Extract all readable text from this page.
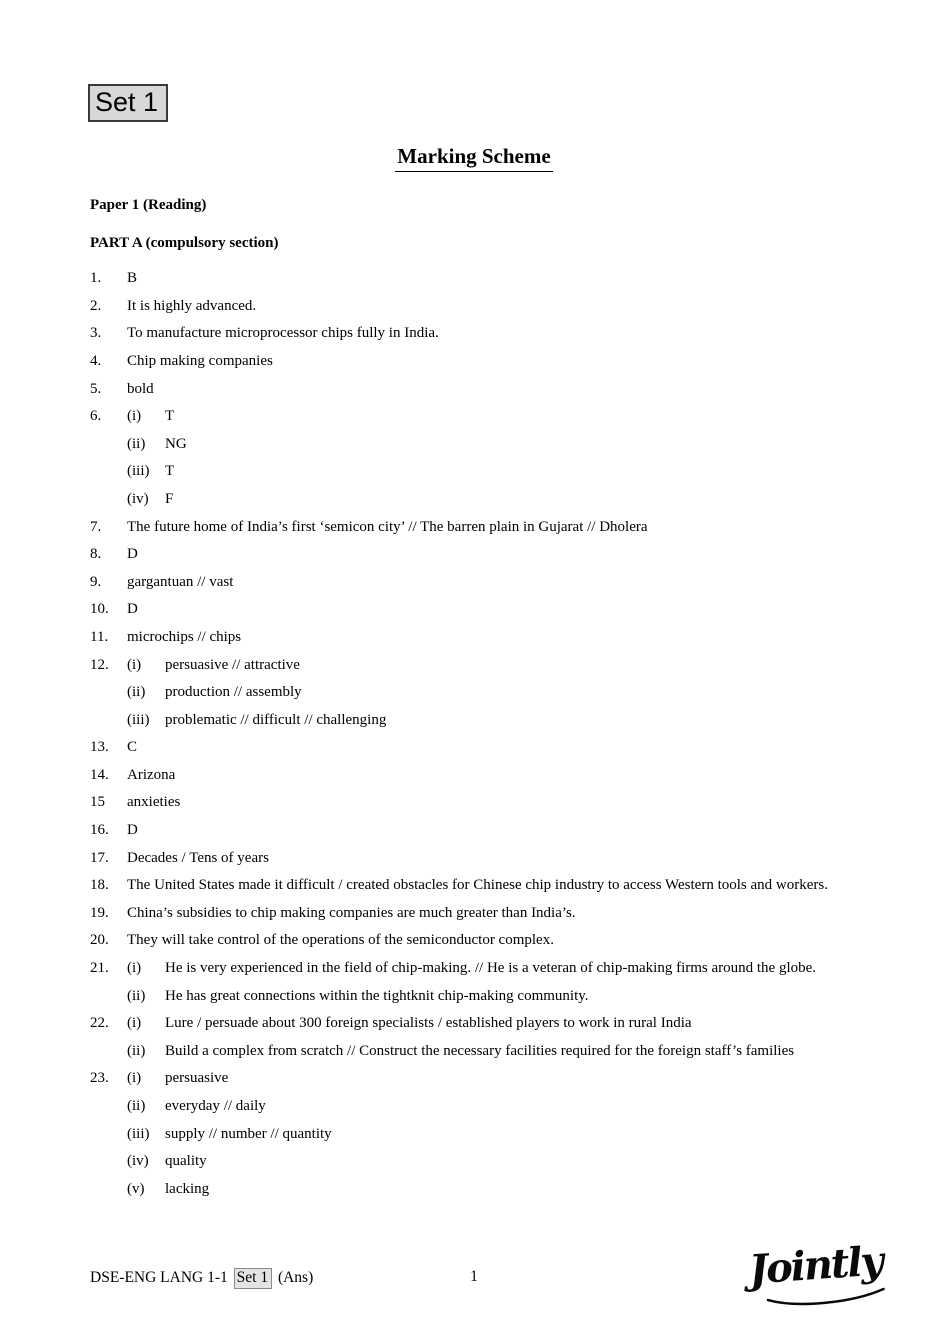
Set 1
Marking Scheme
Paper 1 (Reading)
PART A (compulsory section)
1.	B
2.	It is highly advanced.
3.	To manufacture microprocessor chips fully in India.
4.	Chip making companies
5.	bold
6.	(i)	T
(ii)	NG
(iii)	T
(iv)	F
7.	The future home of India’s first ‘semicon city’ // The barren plain in Gujarat // Dholera
8.	D
9.	gargantuan // vast
10.	D
11.	microchips // chips
12.	(i)	persuasive // attractive
(ii)	production // assembly
(iii)	problematic // difficult // challenging
13.	C
14.	Arizona
15	anxieties
16.	D
17.	Decades / Tens of years
18.	The United States made it difficult / created obstacles for Chinese chip industry to access Western tools and workers.
19.	China’s subsidies to chip making companies are much greater than India’s.
20.	They will take control of the operations of the semiconductor complex.
21.	(i)	He is very experienced in the field of chip-making. // He is a veteran of chip-making firms around the globe.
(ii)	He has great connections within the tightknit chip-making community.
22.	(i)	Lure / persuade about 300 foreign specialists / established players to work in rural India
(ii)	Build a complex from scratch // Construct the necessary facilities required for the foreign staff’s families
23.	(i)	persuasive
(ii)	everyday // daily
(iii)	supply // number // quantity
(iv)	quality
(v)	lacking
DSE-ENG LANG 1-1 Set 1 (Ans)	1	Jointly
